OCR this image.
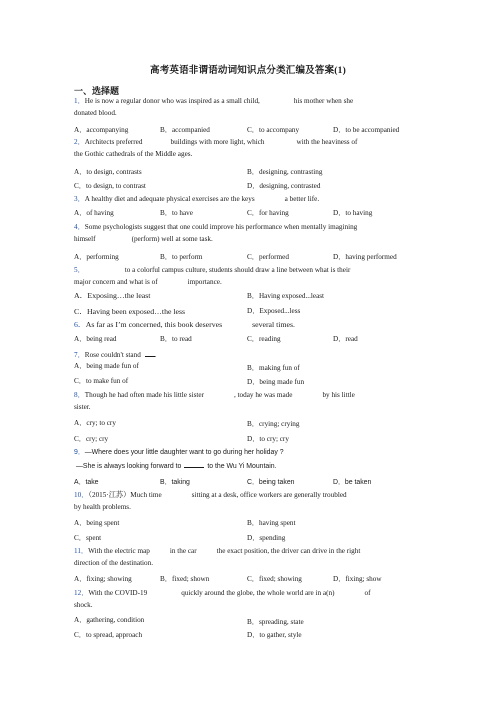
高考英语非谓语动词知识点分类汇编及答案(1)
一、选择题
1．He is now a regular donor who was inspired as a small child,	his mother when she
donated blood.
A．accompanying	B．accompanied	C．to accompany	D．to be accompanied
2．Architects preferred	buildings with more light, which	with the heaviness of
the Gothic cathedrals of the Middle ages.
A．to design, contrasts	B．designing, contrasting
C．to design, to contrast	D．designing, contrasted
3．A healthy diet and adequate physical exercises are the keys	a better life.
A．of having	B．to have	C．for having	D．to having
4．Some psychologists suggest that one could improve his performance when mentally imagining
himself	(perform) well at some task.
A．performing	B．to perform	C．performed	D．having performed
5．	to a colorful campus culture, students should draw a line between what is their
major concern and what is of	importance.
A．Exposing…the least	B．Having exposed...least
C．Having been exposed…the less	D．Exposed...less
6．As far as I’m concerned, this book deserves	several times.
A．being read	B．to read	C．reading	D．read
7．Rose couldn't stand .
A．being made fun of	B．making fun of
C．to make fun of	D．being made fun
8．Though he had often made his little sister	, today he was made	by his little
sister.
A．cry; to cry	B．crying; crying
C．cry; cry	D．to cry; cry
9．—Where does your little daughter want to go during her holiday ?
—She is always looking forward to	to the Wu Yi Mountain.
A．take	B．taking	C．being taken	D．be taken
10．（2015·江苏）Much time	sitting at a desk, office workers are generally troubled
by health problems.
A．being spent	B．having spent
C．spent	D．spending
11．With the electric map	in the car	the exact position, the driver can drive in the right
direction of the destination.
A．fixing; showing	B．fixed; shown	C．fixed; showing	D．fixing; show
12．With the COVID-19	quickly around the globe, the whole world are in a(n)	of
shock.
A．gathering, condition	B．spreading, state
C．to spread, approach	D．to gather, style
